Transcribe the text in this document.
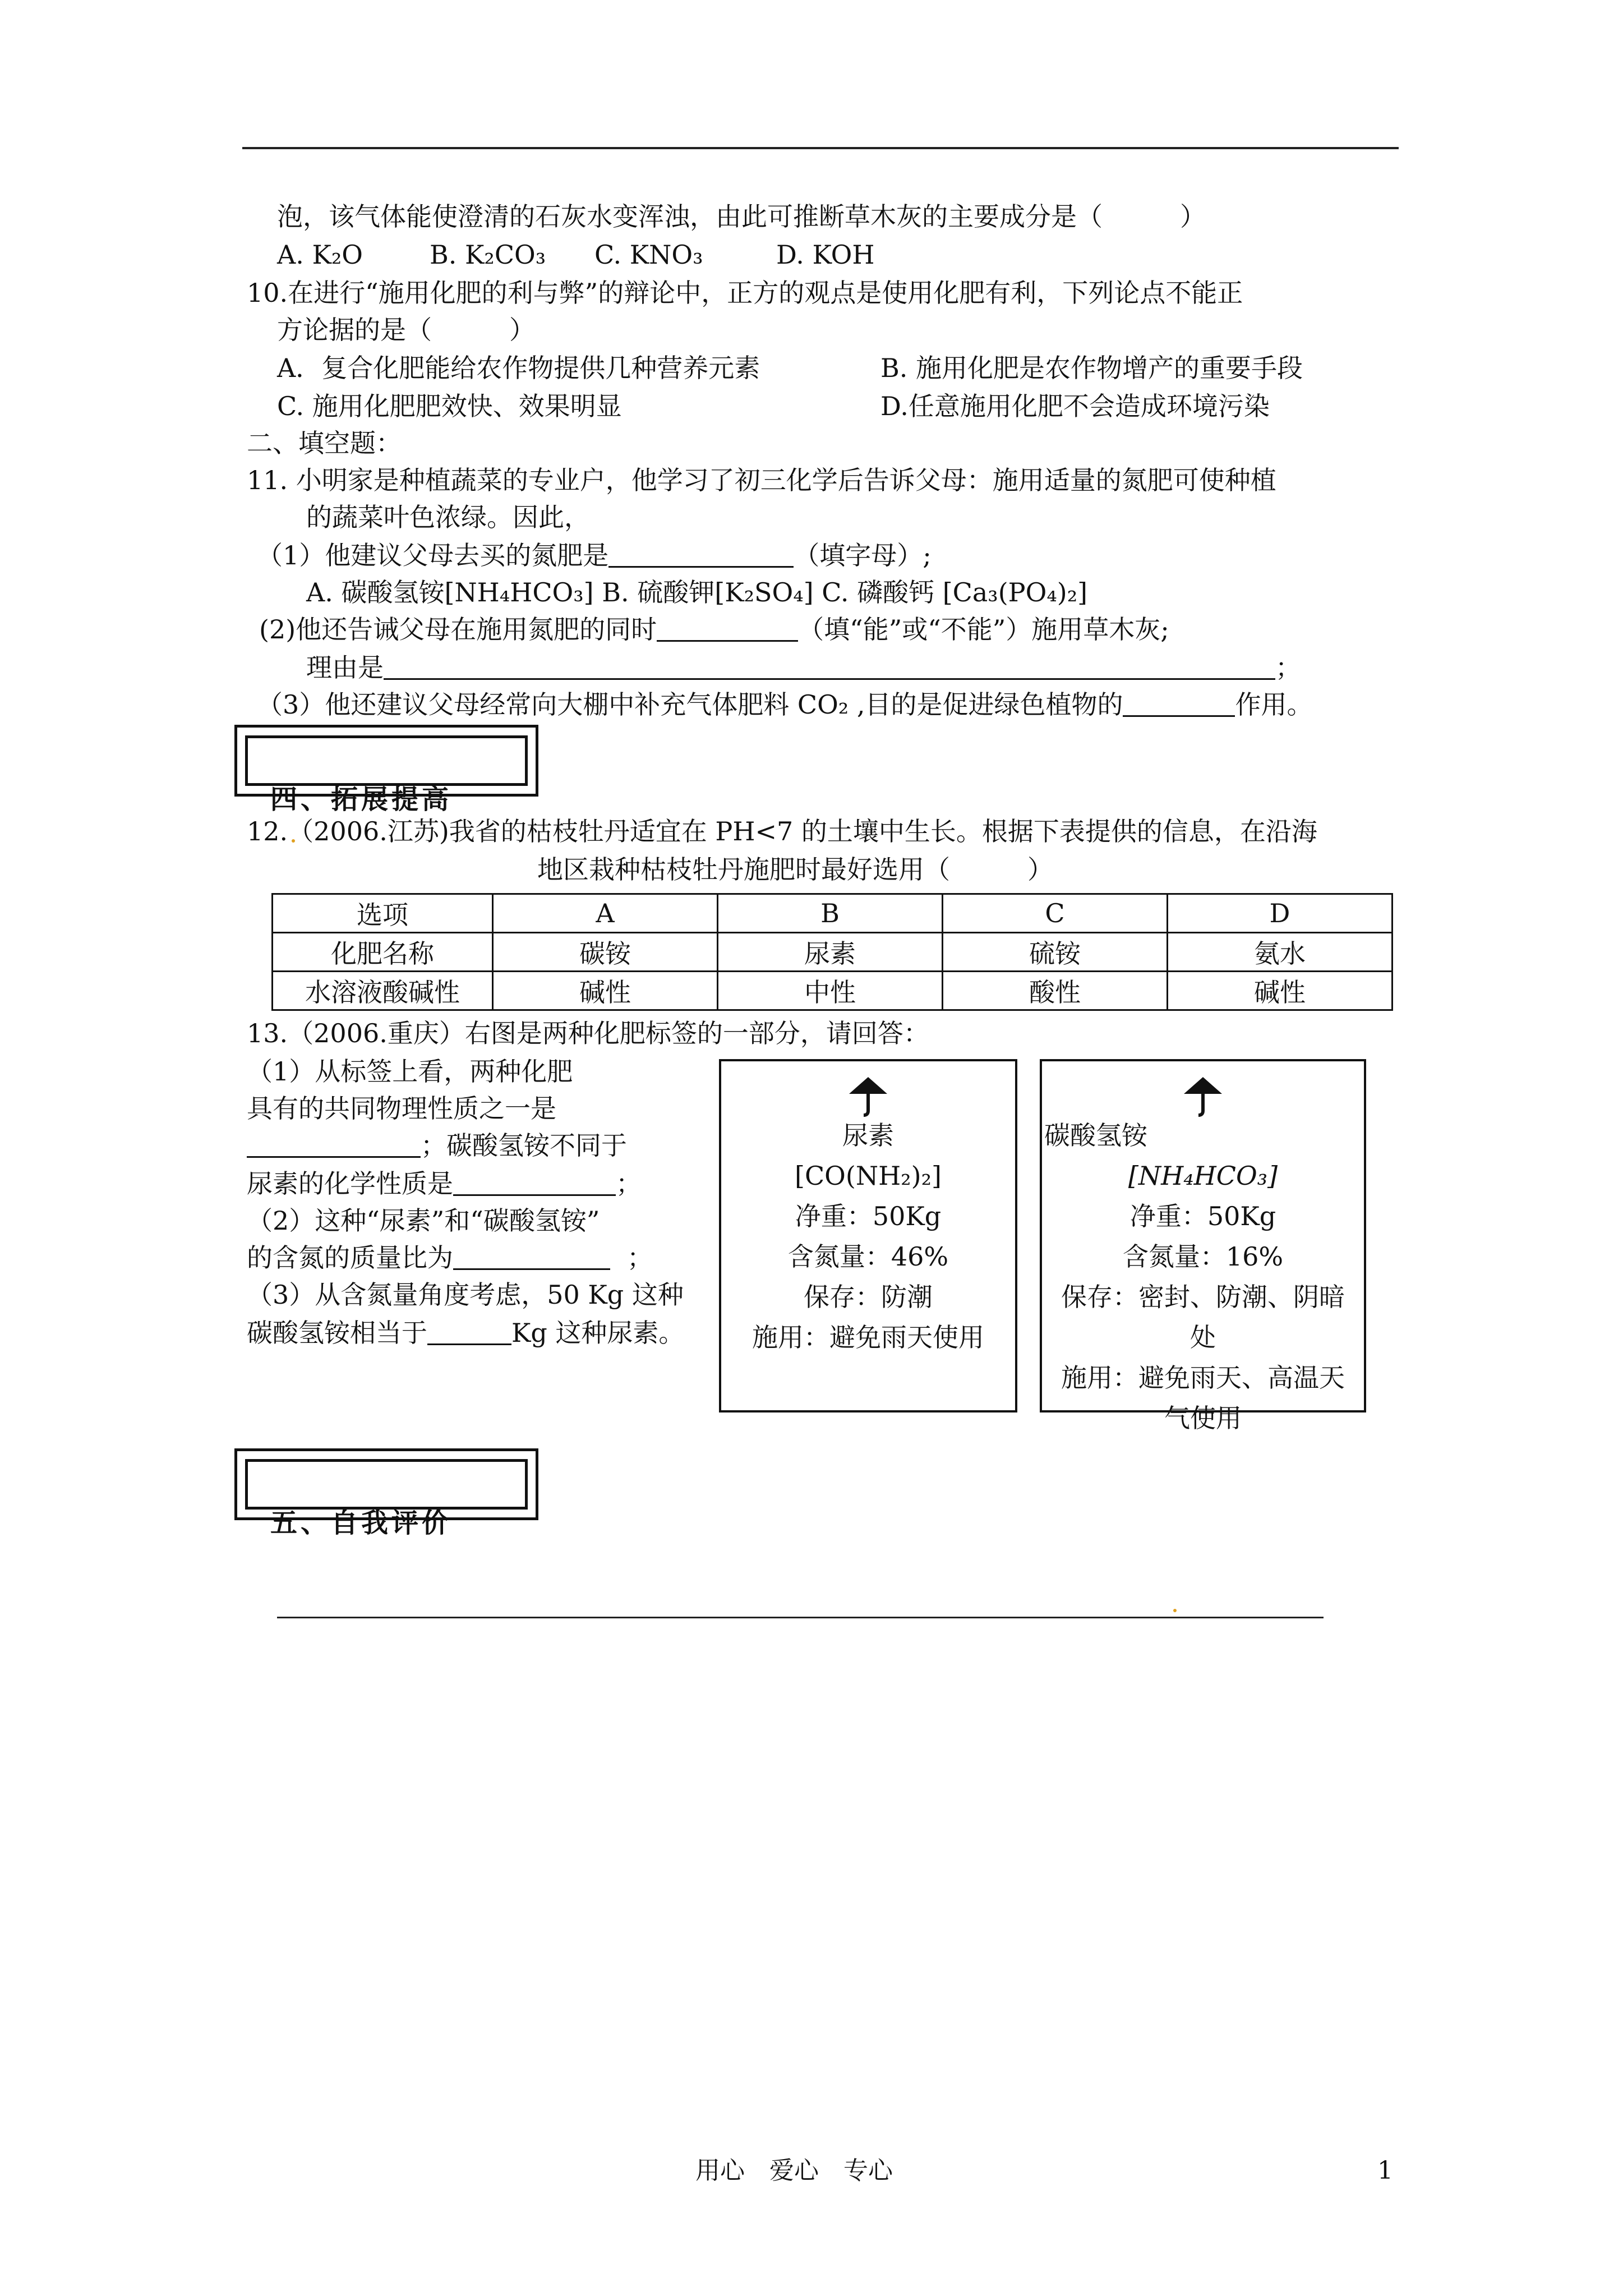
泡，该气体能使澄清的石灰水变浑浊，由此可推断草木灰的主要成分是（　　　）
A. K₂O	B. K₂CO₃ C. KNO₃	D. KOH
10.在进行“施用化肥的利与弊”的辩论中，正方的观点是使用化肥有利，下列论点不能正
方论据的是（　　　）
A．复合化肥能给农作物提供几种营养元素	B. 施用化肥是农作物增产的重要手段
C. 施用化肥肥效快、效果明显	D.任意施用化肥不会造成环境污染
二、填空题：
11. 小明家是种植蔬菜的专业户，他学习了初三化学后告诉父母：施用适量的氮肥可使种植
的蔬菜叶色浓绿。因此，
（1）他建议父母去买的氮肥是	（填字母）;
A. 碳酸氢铵[NH₄HCO₃] B. 硫酸钾[K₂SO₄] C. 磷酸钙 [Ca₃(PO₄)₂]
(2)他还告诫父母在施用氮肥的同时	（填“能”或“不能”）施用草木灰;
理由是	；
（3）他还建议父母经常向大棚中补充气体肥料 CO₂ ,目的是促进绿色植物的	作用。
四、拓展提高
12.（2006.江苏)我省的枯枝牡丹适宜在 PH<7 的土壤中生长。根据下表提供的信息，在沿海
地区栽种枯枝牡丹施肥时最好选用（　　　）
选项	A	B	C	D
化肥名称	碳铵	尿素	硫铵	氨水
水溶液酸碱性	碱性	中性	酸性	碱性
13.（2006.重庆）右图是两种化肥标签的一部分，请回答：
（1）从标签上看，两种化肥
具有的共同物理性质之一是
；碳酸氢铵不同于
尿素的化学性质是	；
（2）这种“尿素”和“碳酸氢铵”
的含氮的质量比为	；
（3）从含氮量角度考虑，50 Kg 这种
碳酸氢铵相当于	Kg 这种尿素。
尿素
[CO(NH₂)₂]
净重：50Kg
含氮量：46%
保存：防潮
施用：避免雨天使用
碳酸氢铵
[NH₄HCO₃]
净重：50Kg
含氮量：16%
保存：密封、防潮、阴暗
处
施用：避免雨天、高温天
气使用
五、自我评价
用心　爱心　专心	1
